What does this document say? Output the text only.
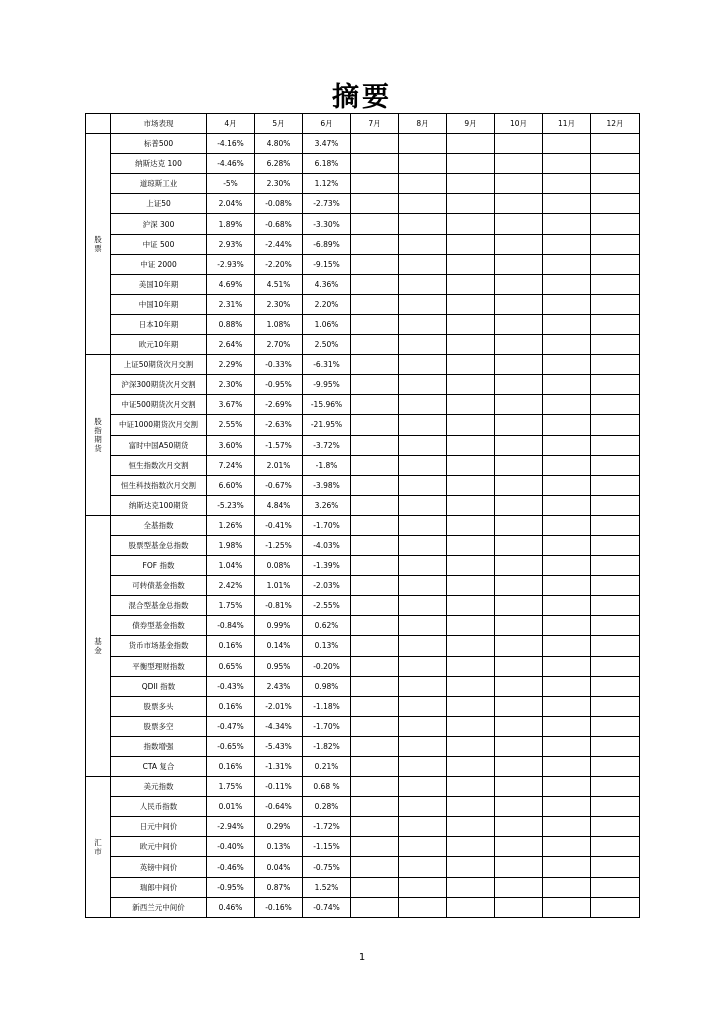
摘要
	市场表现	4月	5月	6月	7月	8月	9月	10月	11月	12月

股
票	标普500	-4.16%	4.80%	3.47%						
	纳斯达克 100	-4.46%	6.28%	6.18%						
	道琼斯工业	-5%	2.30%	1.12%						
	上证50	2.04%	-0.08%	-2.73%						
	沪深 300	1.89%	-0.68%	-3.30%						
	中证 500	2.93%	-2.44%	-6.89%						
	中证 2000	-2.93%	-2.20%	-9.15%						
	美国10年期	4.69%	4.51%	4.36%						
	中国10年期	2.31%	2.30%	2.20%						
	日本10年期	0.88%	1.08%	1.06%						
	欧元10年期	2.64%	2.70%	2.50%						

股
指
期
货	上证50期货次月交割	2.29%	-0.33%	-6.31%						
	沪深300期货次月交割	2.30%	-0.95%	-9.95%						
	中证500期货次月交割	3.67%	-2.69%	-15.96%						
	中证1000期货次月交割	2.55%	-2.63%	-21.95%						
	富时中国A50期货	3.60%	-1.57%	-3.72%						
	恒生指数次月交割	7.24%	2.01%	-1.8%						
	恒生科技指数次月交割	6.60%	-0.67%	-3.98%						
	纳斯达克100期货	-5.23%	4.84%	3.26%						

基
金	全基指数	1.26%	-0.41%	-1.70%						
	股票型基金总指数	1.98%	-1.25%	-4.03%						
	FOF 指数	1.04%	0.08%	-1.39%						
	可转债基金指数	2.42%	1.01%	-2.03%						
	混合型基金总指数	1.75%	-0.81%	-2.55%						
	债券型基金指数	-0.84%	0.99%	0.62%						
	货币市场基金指数	0.16%	0.14%	0.13%						
	平衡型理财指数	0.65%	0.95%	-0.20%						
	QDII 指数	-0.43%	2.43%	0.98%						
	股票多头	0.16%	-2.01%	-1.18%						
	股票多空	-0.47%	-4.34%	-1.70%						
	指数增强	-0.65%	-5.43%	-1.82%						
	CTA 复合	0.16%	-1.31%	0.21%						

汇
市	美元指数	1.75%	-0.11%	0.68 %						
	人民币指数	0.01%	-0.64%	0.28%						
	日元中间价	-2.94%	0.29%	-1.72%						
	欧元中间价	-0.40%	0.13%	-1.15%						
	英镑中间价	-0.46%	0.04%	-0.75%						
	瑞郎中间价	-0.95%	0.87%	1.52%						
	新西兰元中间价	0.46%	-0.16%	-0.74%						
1
